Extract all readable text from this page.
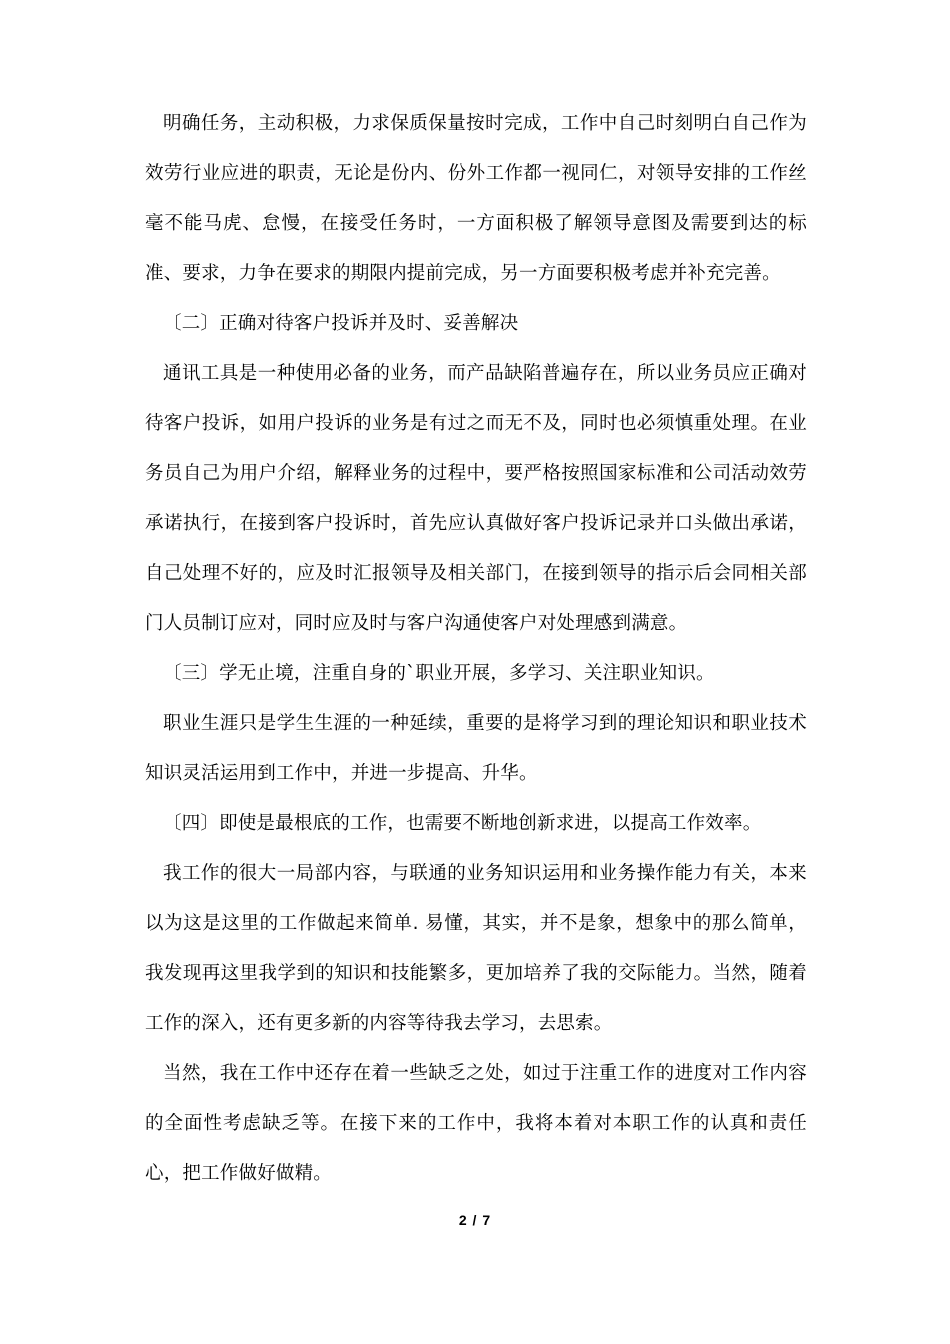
明确任务，主动积极，力求保质保量按时完成，工作中自己时刻明白自己作为效劳行业应进的职责，无论是份内、份外工作都一视同仁，对领导安排的工作丝毫不能马虎、怠慢，在接受任务时，一方面积极了解领导意图及需要到达的标准、要求，力争在要求的期限内提前完成，另一方面要积极考虑并补充完善。

〔二〕正确对待客户投诉并及时、妥善解决

通讯工具是一种使用必备的业务，而产品缺陷普遍存在，所以业务员应正确对待客户投诉，如用户投诉的业务是有过之而无不及，同时也必须慎重处理。在业务员自己为用户介绍，解释业务的过程中，要严格按照国家标准和公司活动效劳承诺执行，在接到客户投诉时，首先应认真做好客户投诉记录并口头做出承诺，自己处理不好的，应及时汇报领导及相关部门，在接到领导的指示后会同相关部门人员制订应对，同时应及时与客户沟通使客户对处理感到满意。

〔三〕学无止境，注重自身的`职业开展，多学习、关注职业知识。

职业生涯只是学生生涯的一种延续，重要的是将学习到的理论知识和职业技术知识灵活运用到工作中，并进一步提高、升华。

〔四〕即使是最根底的工作，也需要不断地创新求进，以提高工作效率。

我工作的很大一局部内容，与联通的业务知识运用和业务操作能力有关，本来以为这是这里的工作做起来简单. 易懂，其实，并不是象，想象中的那么简单，我发现再这里我学到的知识和技能繁多，更加培养了我的交际能力。当然，随着工作的深入，还有更多新的内容等待我去学习，去思索。

当然，我在工作中还存在着一些缺乏之处，如过于注重工作的进度对工作内容的全面性考虑缺乏等。在接下来的工作中，我将本着对本职工作的认真和责任心，把工作做好做精。

2 / 7
